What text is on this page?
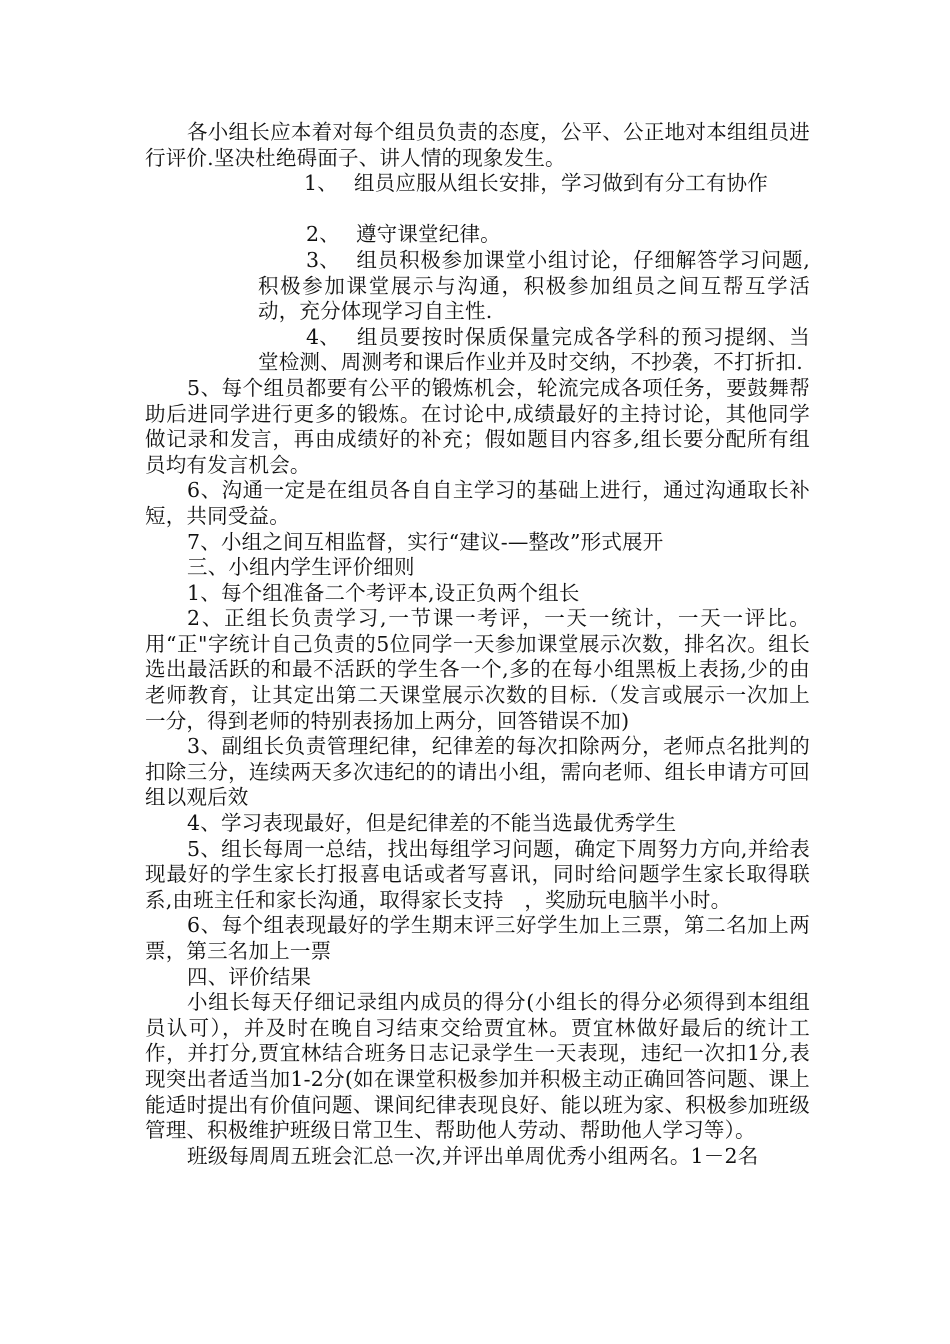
各小组长应本着对每个组员负责的态度，公平、公正地对本组组员进行评价.坚决杜绝碍面子、讲人情的现象发生。

1、 组员应服从组长安排，学习做到有分工有协作

2、 遵守课堂纪律。

3、 组员积极参加课堂小组讨论，仔细解答学习问题,积极参加课堂展示与沟通，积极参加组员之间互帮互学活动，充分体现学习自主性.

4、 组员要按时保质保量完成各学科的预习提纲、当堂检测、周测考和课后作业并及时交纳，不抄袭，不打折扣.

5、每个组员都要有公平的锻炼机会，轮流完成各项任务，要鼓舞帮助后进同学进行更多的锻炼。在讨论中,成绩最好的主持讨论，其他同学做记录和发言，再由成绩好的补充；假如题目内容多,组长要分配所有组员均有发言机会。

6、沟通一定是在组员各自自主学习的基础上进行，通过沟通取长补短，共同受益。

7、小组之间互相监督，实行“建议-—整改”形式展开

三、小组内学生评价细则

1、每个组准备二个考评本,设正负两个组长

2、正组长负责学习,一节课一考评，一天一统计，一天一评比。用“正"字统计自己负责的5位同学一天参加课堂展示次数，排名次。组长选出最活跃的和最不活跃的学生各一个,多的在每小组黑板上表扬,少的由老师教育，让其定出第二天课堂展示次数的目标.（发言或展示一次加上一分，得到老师的特别表扬加上两分，回答错误不加)

3、副组长负责管理纪律，纪律差的每次扣除两分，老师点名批判的扣除三分，连续两天多次违纪的的请出小组，需向老师、组长申请方可回组以观后效

4、学习表现最好，但是纪律差的不能当选最优秀学生

5、组长每周一总结，找出每组学习问题，确定下周努力方向,并给表现最好的学生家长打报喜电话或者写喜讯，同时给问题学生家长取得联系,由班主任和家长沟通，取得家长支持　，奖励玩电脑半小时。

6、每个组表现最好的学生期末评三好学生加上三票，第二名加上两票，第三名加上一票

四、评价结果

小组长每天仔细记录组内成员的得分(小组长的得分必须得到本组组员认可），并及时在晚自习结束交给贾宜林。贾宜林做好最后的统计工作，并打分,贾宜林结合班务日志记录学生一天表现，违纪一次扣1分,表现突出者适当加1-2分(如在课堂积极参加并积极主动正确回答问题、课上能适时提出有价值问题、课间纪律表现良好、能以班为家、积极参加班级管理、积极维护班级日常卫生、帮助他人劳动、帮助他人学习等）。

班级每周周五班会汇总一次,并评出单周优秀小组两名。1－2名
